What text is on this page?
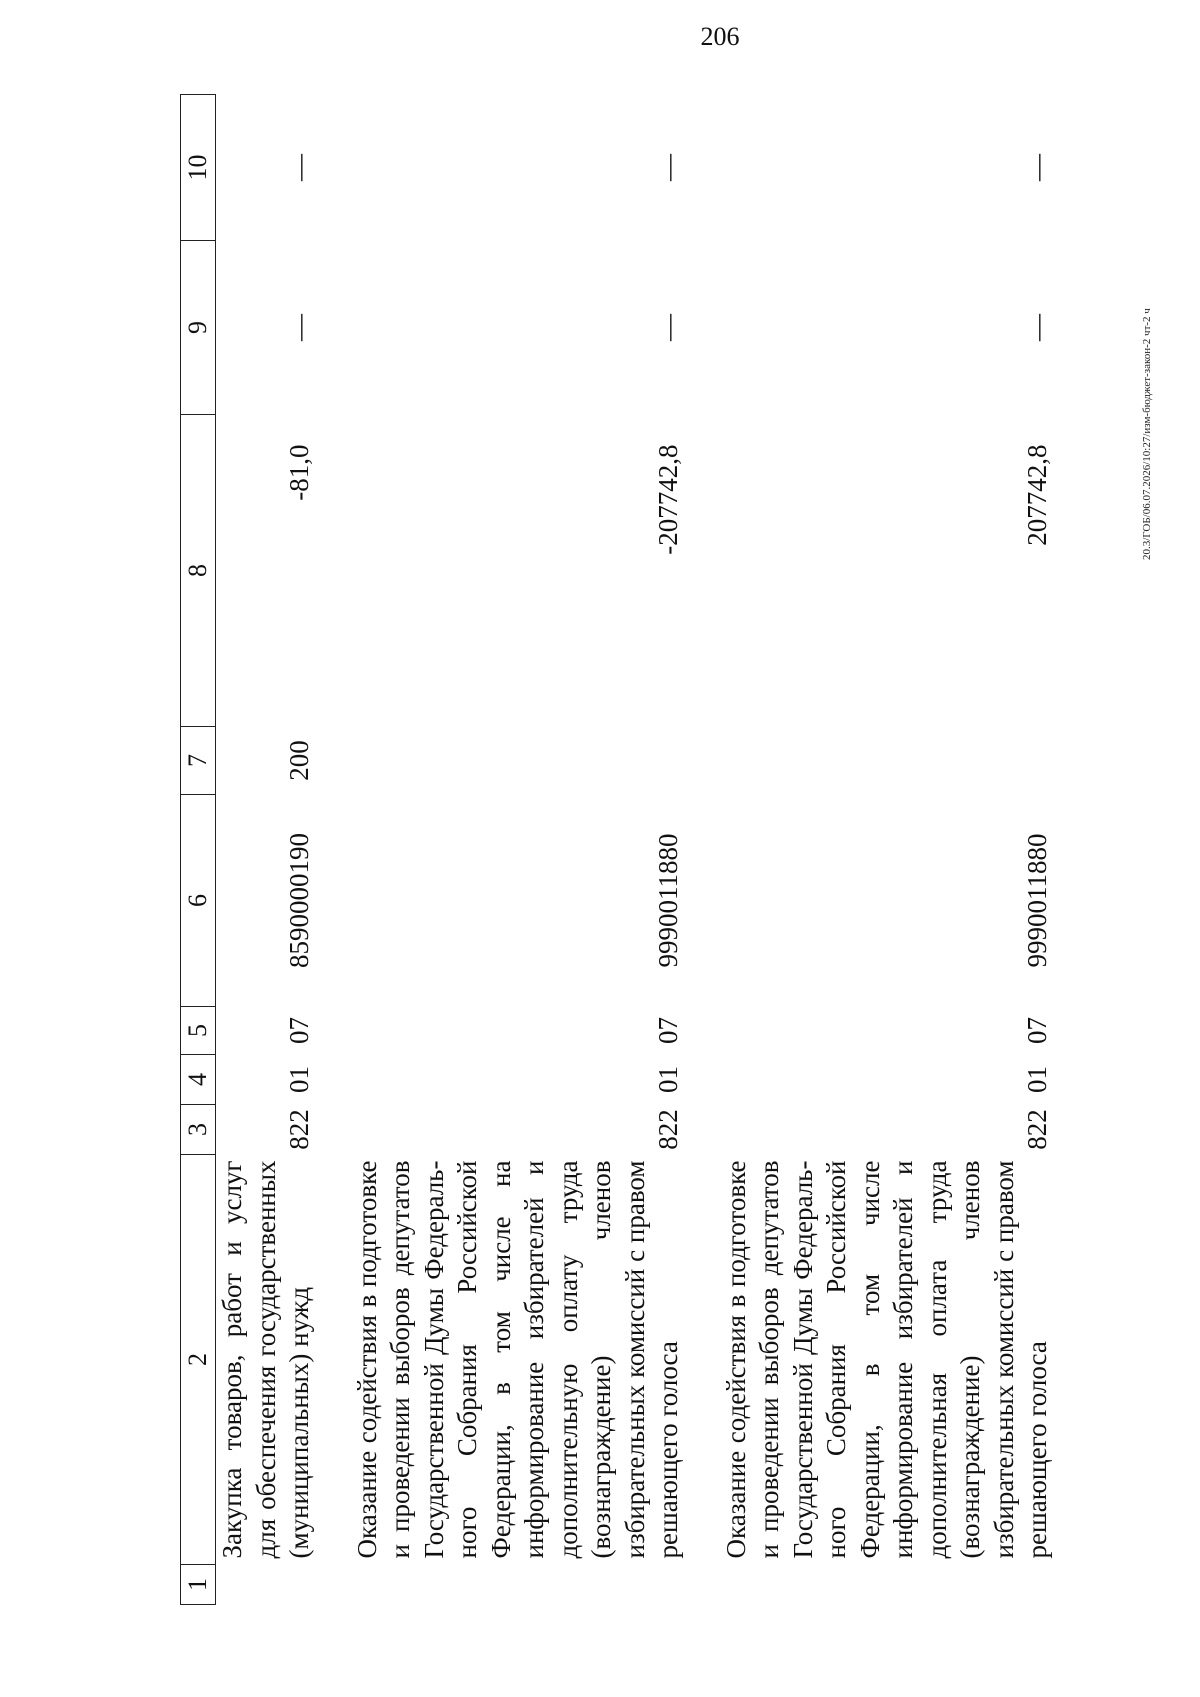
206
20.3/ГОБ/06.07.2026/10:27/изм-бюджет-закон-2 чт-2 ч
1	2	3	4	5	6	7	8	9	10
	Закупка товаров, работ и услуг для обеспечения государственных (муниципальных) нужд	822	01	07	8590000190	200	-81,0	—	—

	Оказание содействия в подготовке и проведении выборов депутатов Государственной Думы Федерального Собрания Российской Федерации, в том числе на информирование избирателей и дополнительную оплату труда (вознаграждение) членов избирательных комиссий с правом решающего голоса	822	01	07	9990011880		-207742,8	—	—

	Оказание содействия в подготовке и проведении выборов депутатов Государственной Думы Федерального Собрания Российской Федерации, в том числе информирование избирателей и дополнительная оплата труда (вознаграждение) членов избирательных комиссий с правом решающего голоса	822	01	07	9990011880		207742,8	—	—
